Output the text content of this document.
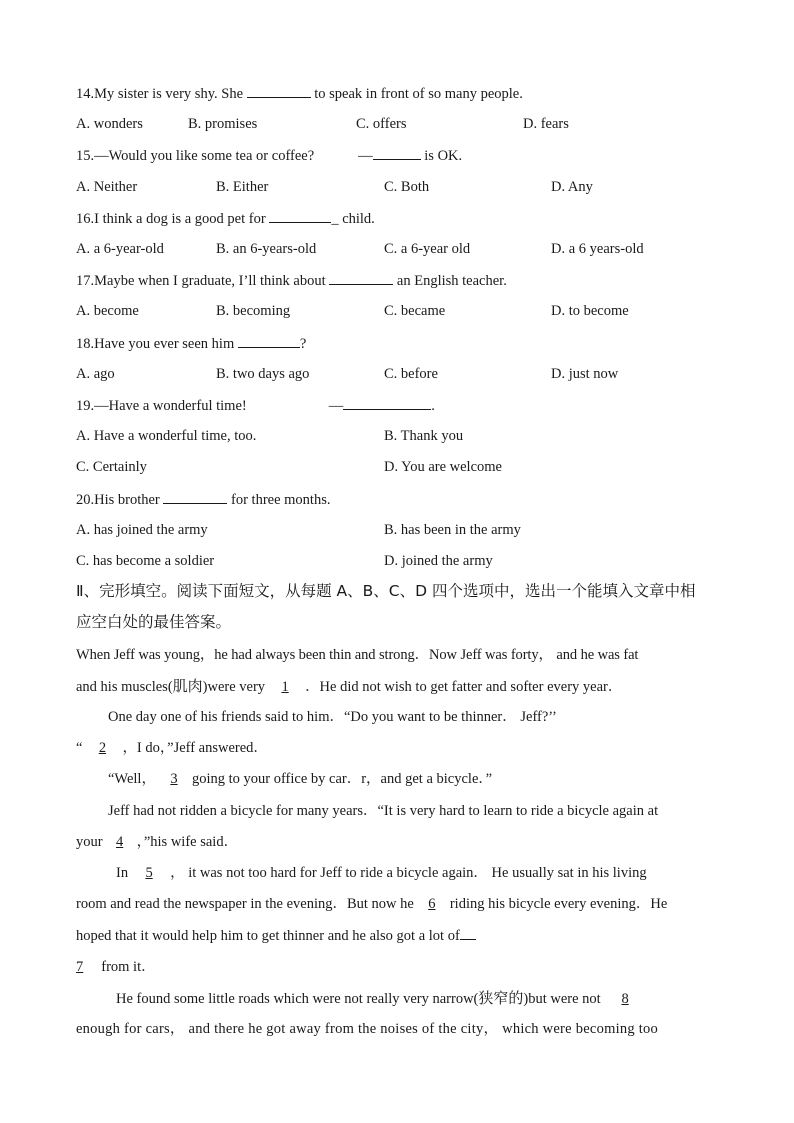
14.My sister is very shy. She	to speak in front of so many people.
A. wonders	B. promises	C. offers	D. fears
15.—Would you like some tea or coffee?	—	is OK.
A. Neither	B. Either	C. Both	D. Any
16.I think a dog is a good pet for	_ child.
A. a 6-year-old	B. an 6-years-old	C. a 6-year old	D. a 6 years-old
17.Maybe when I graduate, I’ll think about	an English teacher.
A. become	B. becoming	C. became	D. to become
18.Have you ever seen him	?
A. ago	B. two days ago	C. before	D. just now
19.—Have a wonderful time!	—	.
A. Have a wonderful time, too.	B. Thank you
C. Certainly	D. You are welcome
20.His brother	for three months.
A. has joined the army	B. has been in the army
C. has become a soldier	D. joined the army
Ⅱ、完形填空。阅读下面短文，从每题 A、B、C、D 四个选项中，选出一个能填入文章中相
应空白处的最佳答案。
When Jeff was young，he had always been thin and strong．Now Jeff was forty， and he was fat
and his muscles(肌肉)were very 1 ．He did not wish to get fatter and softer every year．
One day one of his friends said to him．“Do you want to be thinner． Jeff?’’
“ 2 ，I do，”Jeff answered．
“Well， 3 going to your office by car．r，and get a bicycle．”
Jeff had not ridden a bicycle for many years．“It is very hard to learn to ride a bicycle again at
your 4 ，”his wife said．
In 5 ， it was not too hard for Jeff to ride a bicycle again． He usually sat in his living
room and read the newspaper in the evening．But now he 6 riding his bicycle every evening．He
hoped that it would help him to get thinner and he also got a lot of
7 from it．
He found some little roads which were not really very narrow(狭窄的)but were not 8
enough for cars， and there he got away from the noises of the city， which were becoming too
